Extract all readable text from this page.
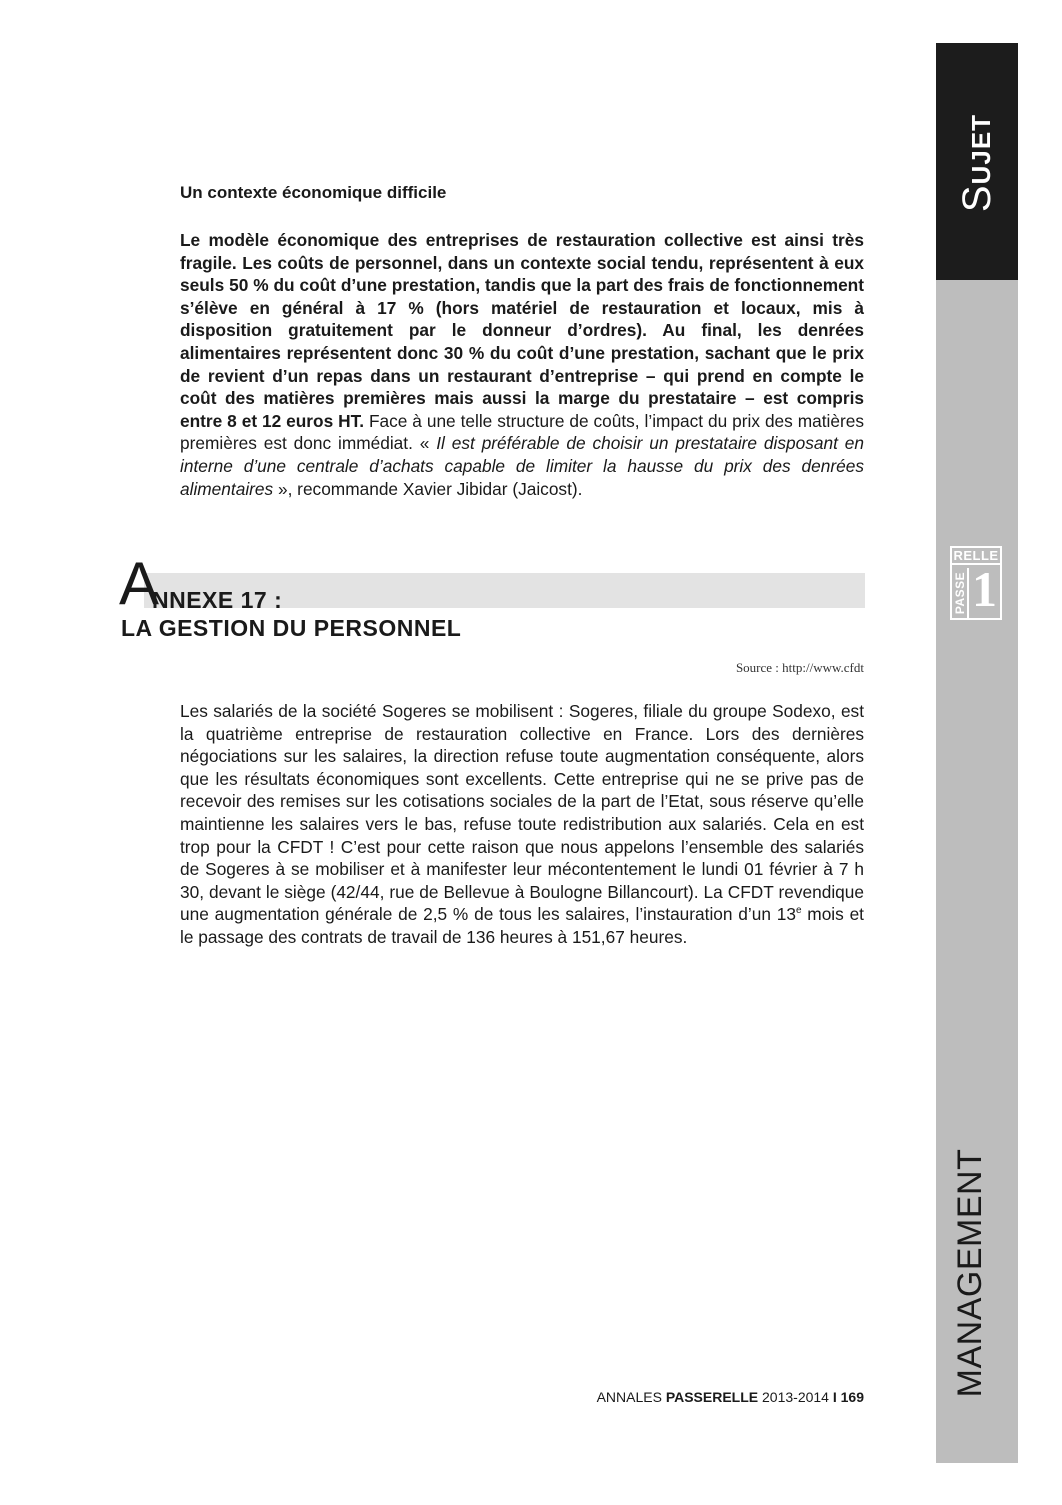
SUJET
RELLE
PASSE 1
MANAGEMENT
Un contexte économique difficile

Le modèle économique des entreprises de restauration collective est ainsi très fragile. Les coûts de personnel, dans un contexte social tendu, représentent à eux seuls 50 % du coût d’une prestation, tandis que la part des frais de fonctionnement s’élève en général à 17 % (hors matériel de restauration et locaux, mis à disposition gratuitement par le donneur d’ordres). Au final, les denrées alimentaires représentent donc 30 % du coût d’une prestation, sachant que le prix de revient d’un repas dans un restaurant d’entreprise – qui prend en compte le coût des matières premières mais aussi la marge du prestataire – est compris entre 8 et 12 euros HT. Face à une telle structure de coûts, l’impact du prix des matières premières est donc immédiat. « Il est préférable de choisir un prestataire disposant en interne d’une centrale d’achats capable de limiter la hausse du prix des denrées alimentaires », recommande Xavier Jibidar (Jaicost).

A
NNEXE 17 :
LA GESTION DU PERSONNEL
Source : http://www.cfdt

Les salariés de la société Sogeres se mobilisent : Sogeres, filiale du groupe Sodexo, est la quatrième entreprise de restauration collective en France. Lors des dernières négociations sur les salaires, la direction refuse toute augmentation conséquente, alors que les résultats économiques sont excellents. Cette entreprise qui ne se prive pas de recevoir des remises sur les cotisations sociales de la part de l’Etat, sous réserve qu’elle maintienne les salaires vers le bas, refuse toute redistribution aux salariés. Cela en est trop pour la CFDT ! C’est pour cette raison que nous appelons l’ensemble des salariés de Sogeres à se mobiliser et à manifester leur mécontentement le lundi 01 février à 7 h 30, devant le siège (42/44, rue de Bellevue à Boulogne Billancourt). La CFDT revendique une augmentation générale de 2,5 % de tous les salaires, l’instauration d’un 13e mois et le passage des contrats de travail de 136 heures à 151,67 heures.

ANNALES PASSERELLE 2013-2014 I 169
